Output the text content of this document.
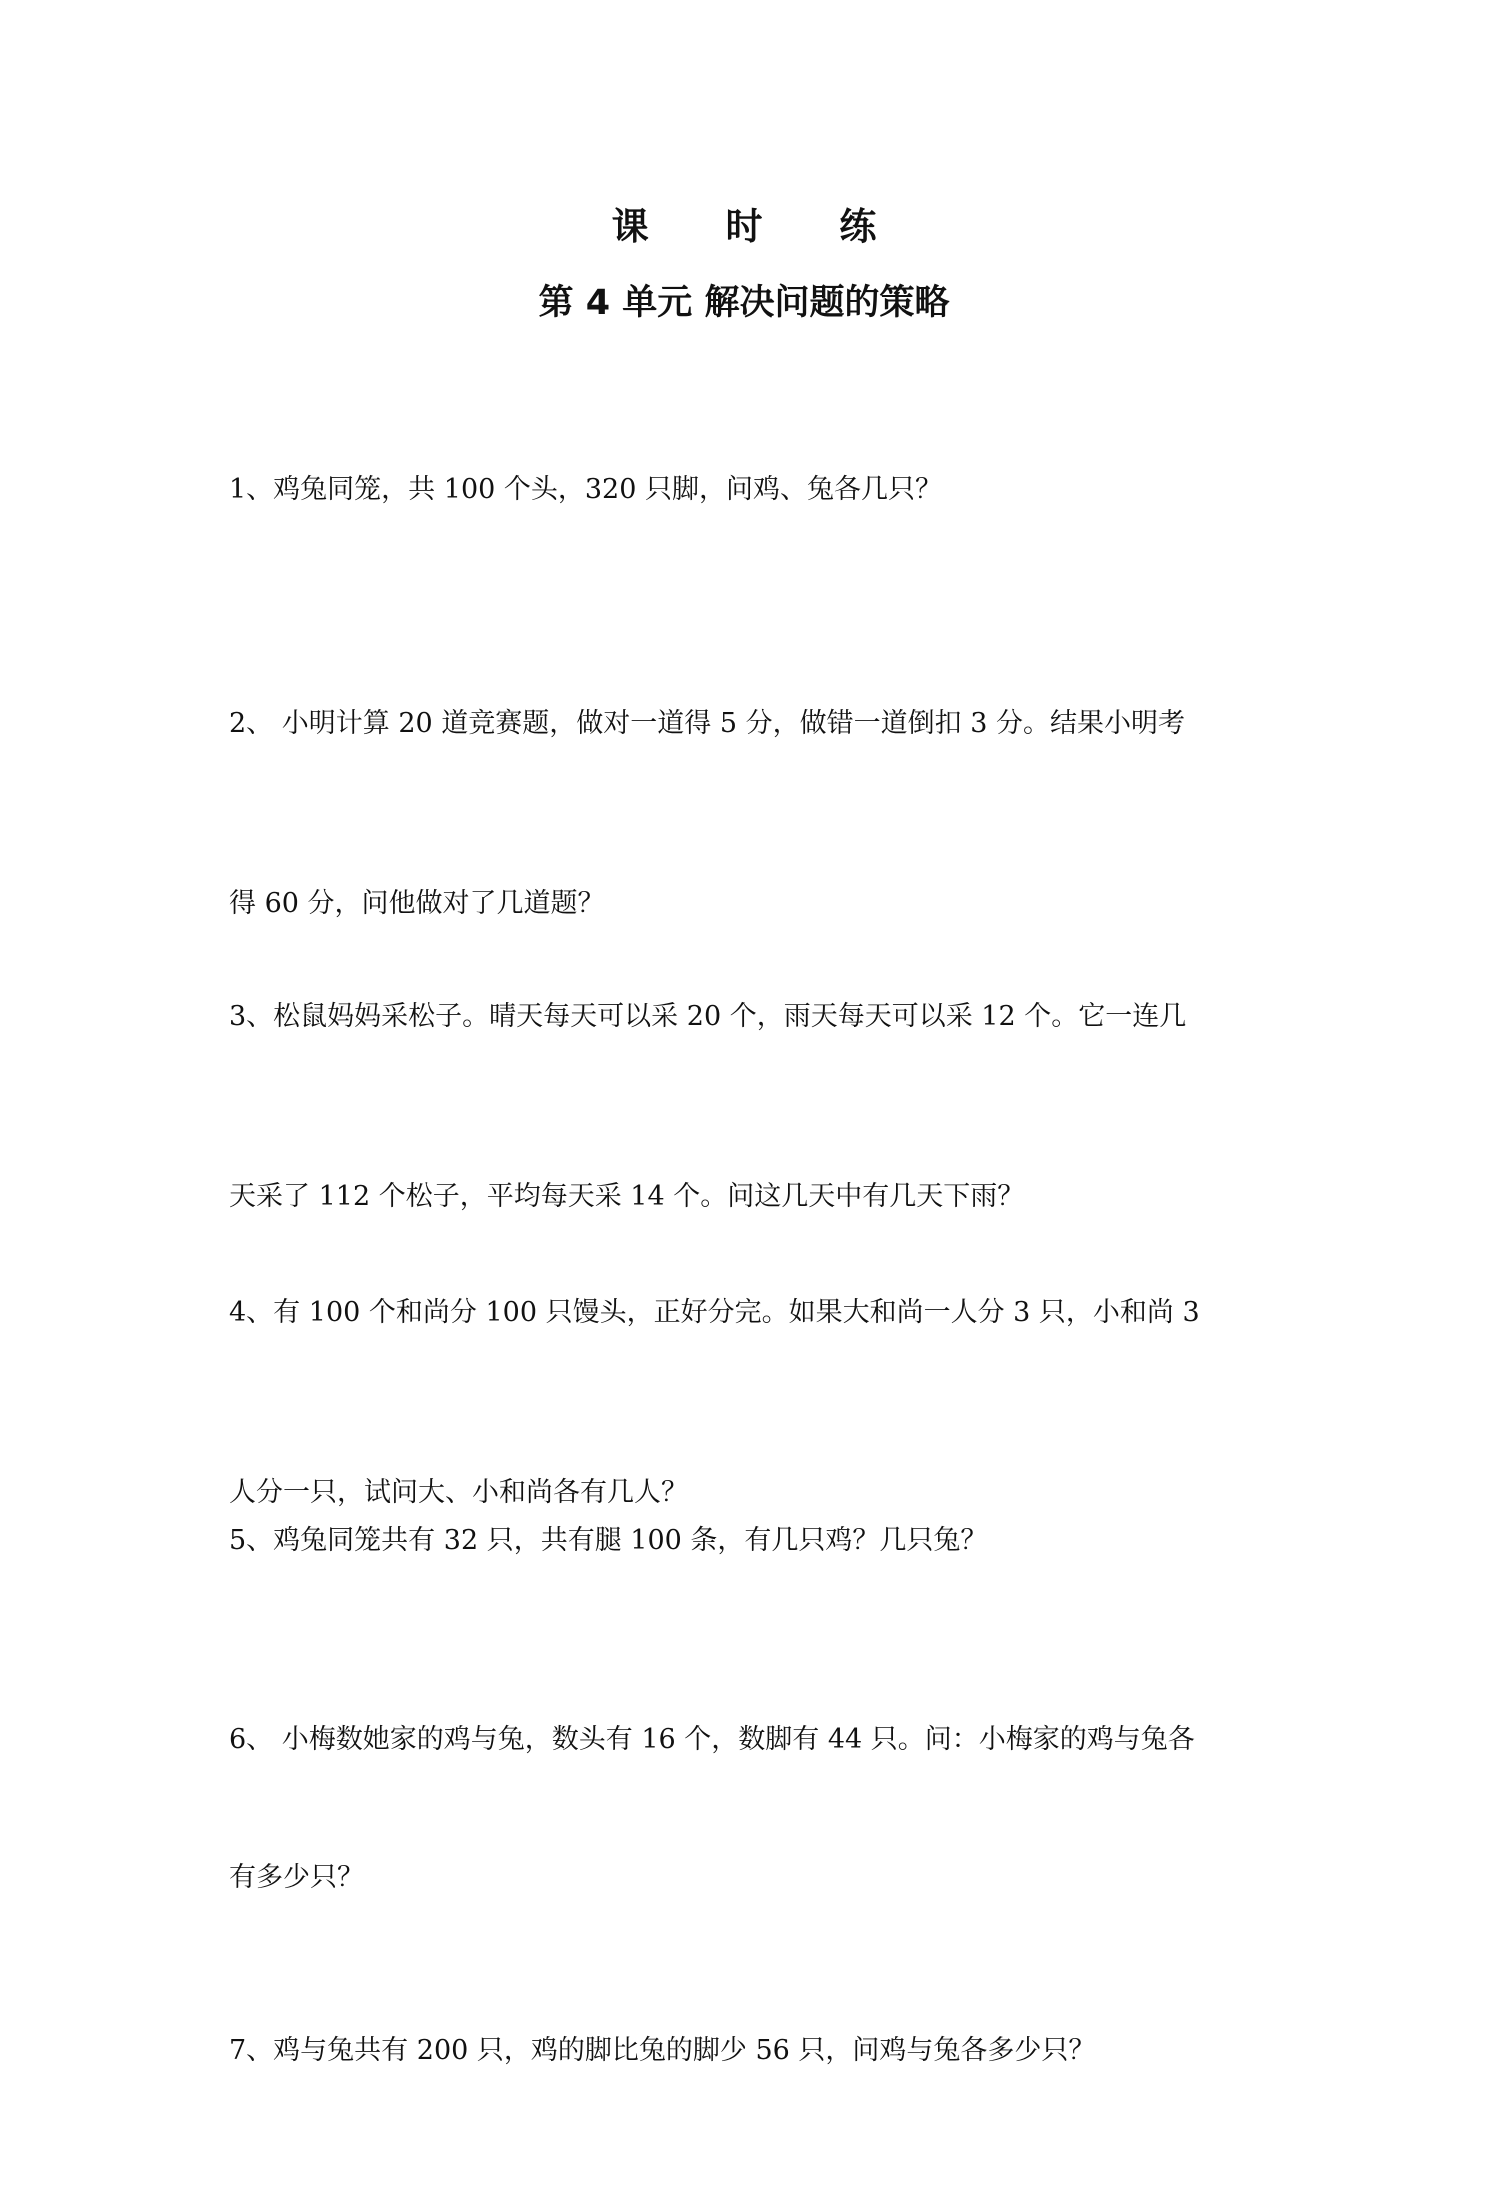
课 时 练
第 4 单元 解决问题的策略

1、鸡兔同笼，共 100 个头，320 只脚，问鸡、兔各几只？

2、 小明计算 20 道竞赛题，做对一道得 5 分，做错一道倒扣 3 分。结果小明考

得 60 分，问他做对了几道题？

3、松鼠妈妈采松子。晴天每天可以采 20 个，雨天每天可以采 12 个。它一连几

天采了 112 个松子，平均每天采 14 个。问这几天中有几天下雨？

4、有 100 个和尚分 100 只馒头，正好分完。如果大和尚一人分 3 只，小和尚 3

人分一只，试问大、小和尚各有几人？

5、鸡兔同笼共有 32 只，共有腿 100 条，有几只鸡？几只兔？

6、 小梅数她家的鸡与兔，数头有 16 个，数脚有 44 只。问：小梅家的鸡与兔各

有多少只？

7、鸡与兔共有 200 只，鸡的脚比兔的脚少 56 只，问鸡与兔各多少只？
